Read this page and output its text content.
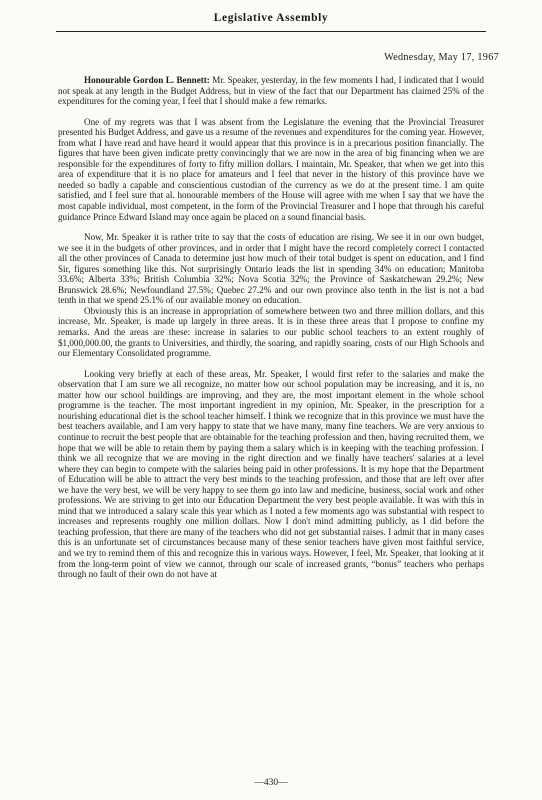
Legislative Assembly
Wednesday, May 17, 1967

Honourable Gordon L. Bennett: Mr. Speaker, yesterday, in the few moments I had, I indicated that I would not speak at any length in the Budget Address, but in view of the fact that our Department has claimed 25% of the expenditures for the coming year, I feel that I should make a few remarks.

One of my regrets was that I was absent from the Legislature the evening that the Provincial Treasurer presented his Budget Address, and gave us a resume of the revenues and expenditures for the coming year. However, from what I have read and have heard it would appear that this province is in a precarious position financially. The figures that have been given indicate pretty convincingly that we are now in the area of big financing when we are responsible for the expenditures of forty to fifty million dollars. I maintain, Mr. Speaker, that when we get into this area of expenditure that it is no place for amateurs and I feel that never in the history of this province have we needed so badly a capable and conscientious custodian of the currency as we do at the present time. I am quite satisfied, and I feel sure that al. honourable members of the House will agree with me when I say that we have the most capable individual, most competent, in the form of the Provincial Treasurer and I hope that through his careful guidance Prince Edward Island may once again be placed on a sound financial basis.

Now, Mr. Speaker it is rather trite to say that the costs of education are rising. We see it in our own budget, we see it in the budgets of other provinces, and in order that I might have the record completely correct I contacted all the other provinces of Canada to determine just how much of their total budget is spent on education, and I find Sir, figures something like this. Not surprisingly Ontario leads the list in spending 34% on education; Manitoba 33.6%; Alberta 33%; British Columbia 32%; Nova Scotia 32%; the Province of Saskatchewan 29.2%; New Brunswick 28.6%; Newfoundland 27.5%; Quebec 27.2% and our own province also tenth in the list is not a bad tenth in that we spend 25.1% of our available money on education.

Obviously this is an increase in appropriation of somewhere between two and three million dollars, and this increase, Mr. Speaker, is made up largely in three areas. It is in these three areas that I propose to confine my remarks. And the areas are these: increase in salaries to our public school teachers to an extent roughly of $1,000,000.00, the grants to Universities, and thirdly, the soaring, and rapidly soaring, costs of our High Schools and our Elementary Consolidated programme.

Looking very briefly at each of these areas, Mr. Speaker, I would first refer to the salaries and make the observation that I am sure we all recognize, no matter how our school population may be increasing, and it is, no matter how our school buildings are improving, and they are, the most important element in the whole school programme is the teacher. The most important ingredient in my opinion, Mr. Speaker, in the prescription for a nourishing educational diet is the school teacher himself. I think we recognize that in this province we must have the best teachers available, and I am very happy to state that we have many, many fine teachers. We are very anxious to continue to recruit the best people that are obtainable for the teaching profession and then, having recruited them, we hope that we will be able to retain them by paying them a salary which is in keeping with the teaching profession. I think we all recognize that we are moving in the right direction and we finally have teachers' salaries at a level where they can begin to compete with the salaries being paid in other professions. It is my hope that the Department of Education will be able to attract the very best minds to the teaching profession, and those that are left over after we have the very best, we will be very happy to see them go into law and medicine, business, social work and other professions. We are striving to get into our Education Department the very best people available. It was with this in mind that we introduced a salary scale this year which as I noted a few moments ago was substantial with respect to increases and represents roughly one million dollars. Now I don't mind admitting publicly, as I did before the teaching profession, that there are many of the teachers who did not get substantial raises. I admit that in many cases this is an unfortunate set of circumstances because many of these senior teachers have given most faithful service, and we try to remind them of this and recognize this in various ways. However, I feel, Mr. Speaker, that looking at it from the long-term point of view we cannot, through our scale of increased grants, “bonus” teachers who perhaps through no fault of their own do not have at

—430—
